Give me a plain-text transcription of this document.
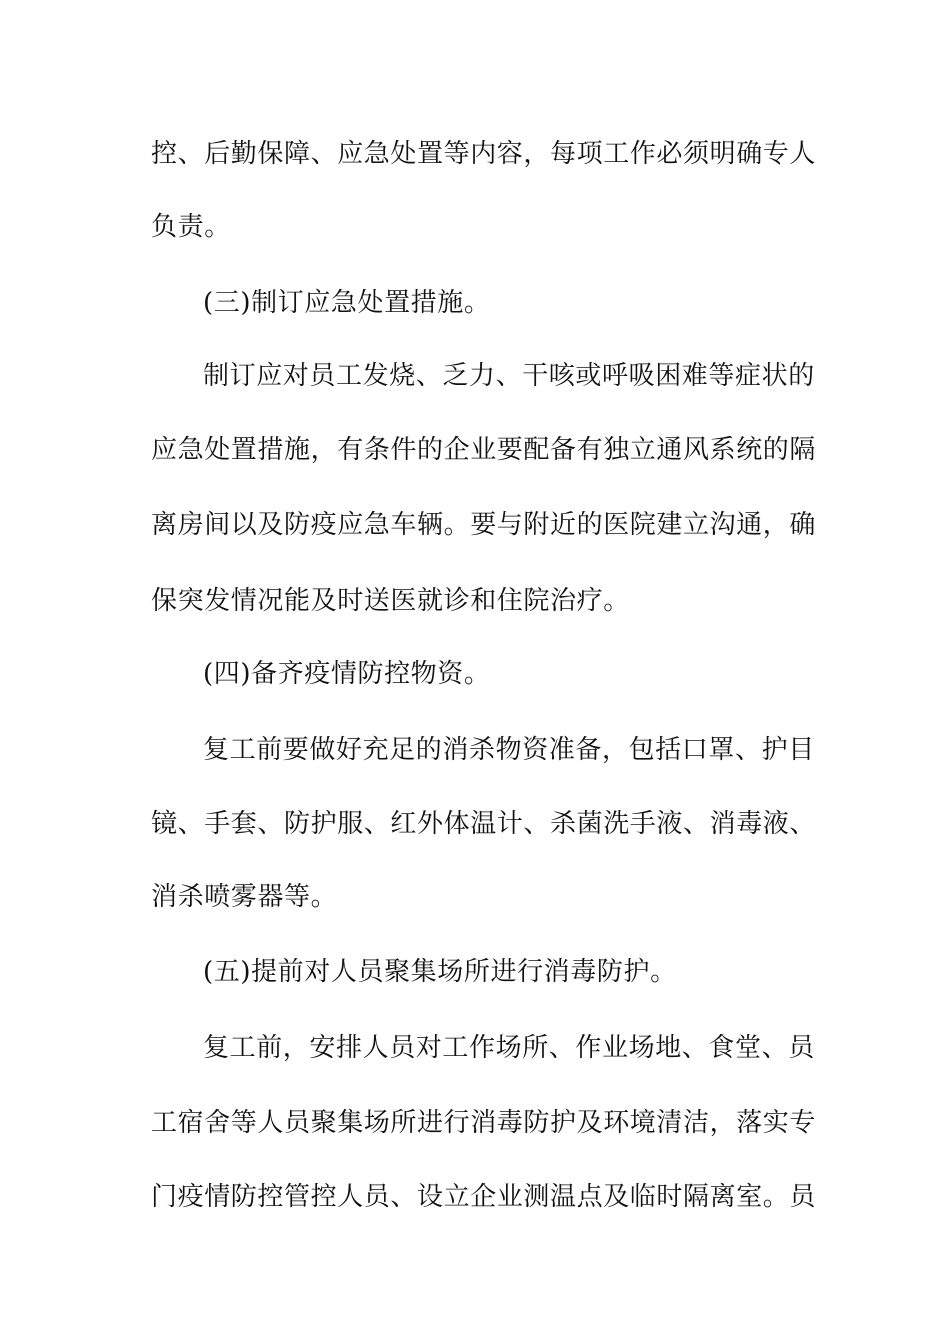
控、后勤保障、应急处置等内容，每项工作必须明确专人
负责。
(三)制订应急处置措施。
制订应对员工发烧、乏力、干咳或呼吸困难等症状的
应急处置措施，有条件的企业要配备有独立通风系统的隔
离房间以及防疫应急车辆。要与附近的医院建立沟通，确
保突发情况能及时送医就诊和住院治疗。
(四)备齐疫情防控物资。
复工前要做好充足的消杀物资准备，包括口罩、护目
镜、手套、防护服、红外体温计、杀菌洗手液、消毒液、
消杀喷雾器等。
(五)提前对人员聚集场所进行消毒防护。
复工前，安排人员对工作场所、作业场地、食堂、员
工宿舍等人员聚集场所进行消毒防护及环境清洁，落实专
门疫情防控管控人员、设立企业测温点及临时隔离室。员
